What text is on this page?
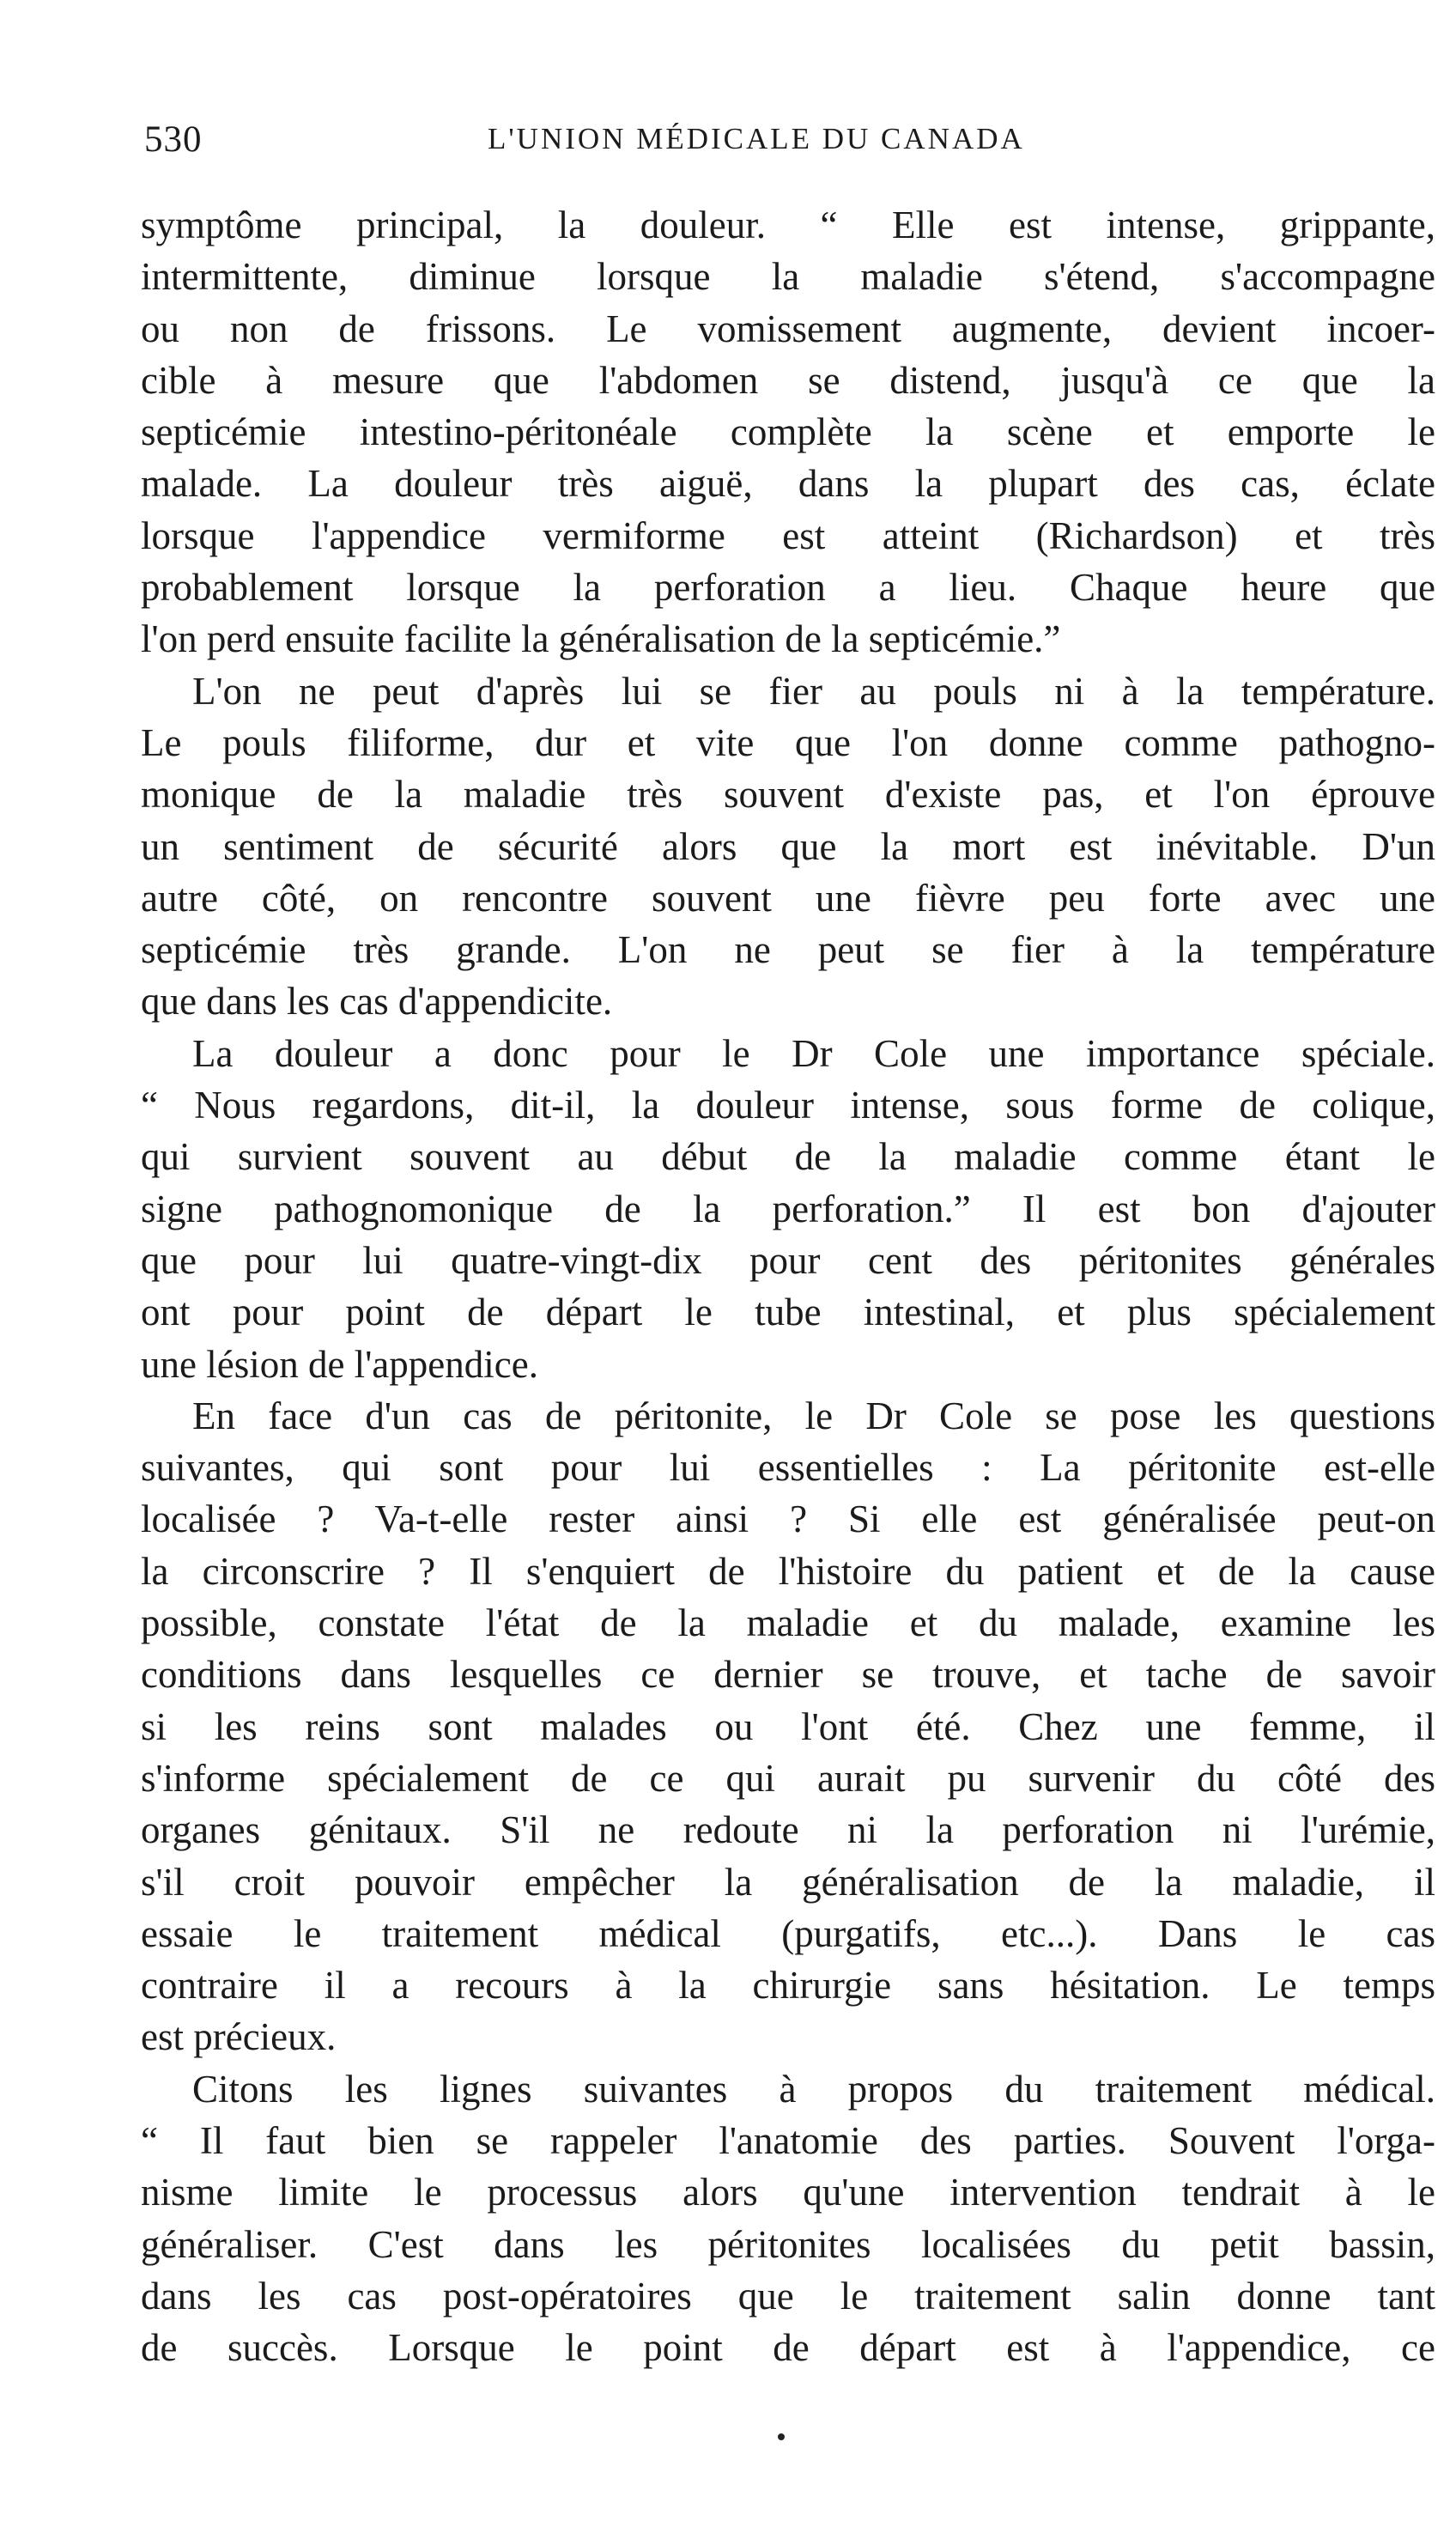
530	L'UNION MÉDICALE DU CANADA
symptôme principal, la douleur. “ Elle est intense, grippante,
intermittente, diminue lorsque la maladie s'étend, s'accompagne
ou non de frissons. Le vomissement augmente, devient incoer-
cible à mesure que l'abdomen se distend, jusqu'à ce que la
septicémie intestino-péritonéale complète la scène et emporte le
malade. La douleur très aiguë, dans la plupart des cas, éclate
lorsque l'appendice vermiforme est atteint (Richardson) et très
probablement lorsque la perforation a lieu. Chaque heure que
l'on perd ensuite facilite la généralisation de la septicémie.”
L'on ne peut d'après lui se fier au pouls ni à la température.
Le pouls filiforme, dur et vite que l'on donne comme pathogno-
monique de la maladie très souvent d'existe pas, et l'on éprouve
un sentiment de sécurité alors que la mort est inévitable. D'un
autre côté, on rencontre souvent une fièvre peu forte avec une
septicémie très grande. L'on ne peut se fier à la température
que dans les cas d'appendicite.
La douleur a donc pour le Dr Cole une importance spéciale.
“ Nous regardons, dit-il, la douleur intense, sous forme de colique,
qui survient souvent au début de la maladie comme étant le
signe pathognomonique de la perforation.” Il est bon d'ajouter
que pour lui quatre-vingt-dix pour cent des péritonites générales
ont pour point de départ le tube intestinal, et plus spécialement
une lésion de l'appendice.
En face d'un cas de péritonite, le Dr Cole se pose les questions
suivantes, qui sont pour lui essentielles : La péritonite est-elle
localisée ? Va-t-elle rester ainsi ? Si elle est généralisée peut-on
la circonscrire ? Il s'enquiert de l'histoire du patient et de la cause
possible, constate l'état de la maladie et du malade, examine les
conditions dans lesquelles ce dernier se trouve, et tache de savoir
si les reins sont malades ou l'ont été. Chez une femme, il
s'informe spécialement de ce qui aurait pu survenir du côté des
organes génitaux. S'il ne redoute ni la perforation ni l'urémie,
s'il croit pouvoir empêcher la généralisation de la maladie, il
essaie le traitement médical (purgatifs, etc...). Dans le cas
contraire il a recours à la chirurgie sans hésitation. Le temps
est précieux.
Citons les lignes suivantes à propos du traitement médical.
“ Il faut bien se rappeler l'anatomie des parties. Souvent l'orga-
nisme limite le processus alors qu'une intervention tendrait à le
généraliser. C'est dans les péritonites localisées du petit bassin,
dans les cas post-opératoires que le traitement salin donne tant
de succès. Lorsque le point de départ est à l'appendice, ce
